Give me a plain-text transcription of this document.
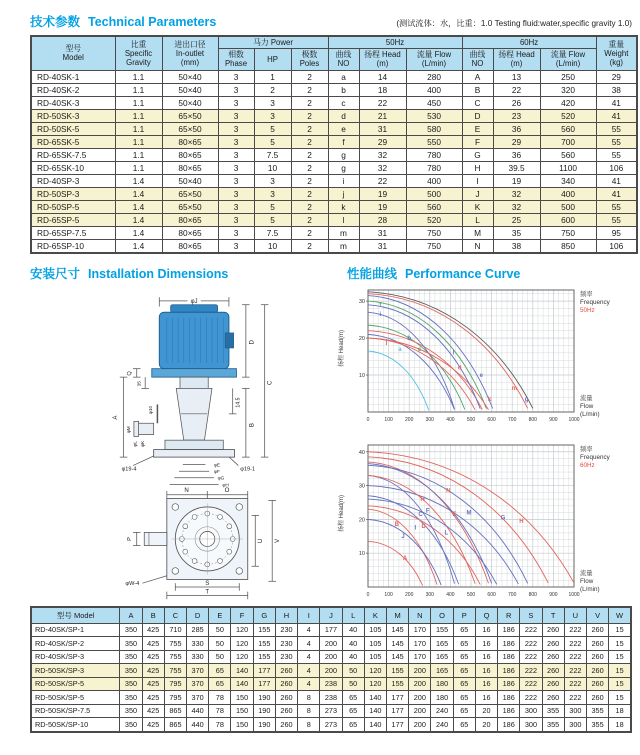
技术参数 Technical Parameters	(测试流体：水，比重：1.0 Testing fluid:water,specific gravity 1.0)
型号
Model

比重
Specific
Gravity

进出口径
In-outlet
(mm)
	马力 Power	50Hz	60Hz	重量
Weight
(kg)

相数
Phase
	HP	
极数
Poles

曲线
NO

扬程 Head
(m)

流量 Flow
(L/min)

曲线
NO

扬程 Head
(m)

流量 Flow
(L/min)

RD-40SK-1	1.1	50×40	3	1	2	a	14	280	A	13	250	29
RD-40SK-2	1.1	50×40	3	2	2	b	18	400	B	22	320	38
RD-40SK-3	1.1	50×40	3	3	2	c	22	450	C	26	420	41
RD-50SK-3	1.1	65×50	3	3	2	d	21	530	D	23	520	41
RD-50SK-5	1.1	65×50	3	5	2	e	31	580	E	36	560	55
RD-65SK-5	1.1	80×65	3	5	2	f	29	550	F	29	700	55
RD-65SK-7.5	1.1	80×65	3	7.5	2	g	32	780	G	36	560	55
RD-65SK-10	1.1	80×65	3	10	2	g	32	780	H	39.5	1100	106
RD-40SP-3	1.4	50×40	3	3	2	i	22	400	I	19	340	41
RD-50SP-3	1.4	65×50	3	3	2	j	19	500	J	32	400	41
RD-50SP-5	1.4	65×50	3	5	2	k	19	560	K	32	500	55
RD-65SP-5	1.4	80×65	3	5	2	l	28	520	L	25	600	55
RD-65SP-7.5	1.4	80×65	3	7.5	2	m	31	750	M	35	750	95
RD-65SP-10	1.4	80×65	3	10	2	m	31	750	N	38	850	106
安装尺寸 Installation Dimensions	性能曲线 Performance Curve
φJ
D
C
B
14.5
Q
35
A
φ10
φ19-4	φ19-1
φM
φL φK
φE
φF
φG
φH
N	O
P	U V
S
T
φW-4
0	100 200 300 400 500 600 700 800 900 1000
10
20
30
f
i
j
a
b
c
l
d
e
k
m
g
频率
Frequency
50Hz
流量
Flow
(L/min)
扬程 Head(m)
0	100 200 300 400 500 600 700 800 900 1000
10
20
30
40
B
J
A
I
C
D
F
H
N
E M
L
G
H
频率
Frequency
60Hz
流量
Flow
(L/min)
扬程 Head(m)
型号 Model	A	B	C	D	E	F	G	H	I	J	L	K	M	N	O	P	Q	R	S	T	U	V	W
RD-40SK/SP-1	350	425	710	285	50	120	155	230	4	177	40	105	145	170	155	65	16	186	222	260	222	260	15
RD-40SK/SP-2	350	425	755	330	50	120	155	230	4	200	40	105	145	170	165	65	16	186	222	260	222	260	15
RD-40SK/SP-3	350	425	755	330	50	120	155	230	4	200	40	105	145	170	165	65	16	186	222	260	222	260	15
RD-50SK/SP-3	350	425	755	370	65	140	177	260	4	200	50	120	155	200	165	65	16	186	222	260	222	260	15
RD-50SK/SP-5	350	425	795	370	65	140	177	260	4	238	50	120	155	200	180	65	16	186	222	260	222	260	15
RD-50SK/SP-5	350	425	795	370	78	150	190	260	8	238	65	140	177	200	180	65	16	186	222	260	222	260	15
RD-50SK/SP-7.5	350	425	865	440	78	150	190	260	8	273	65	140	177	200	240	65	20	186	300	355	300	355	18
RD-50SK/SP-10	350	425	865	440	78	150	190	260	8	273	65	140	177	200	240	65	20	186	300	355	300	355	18
